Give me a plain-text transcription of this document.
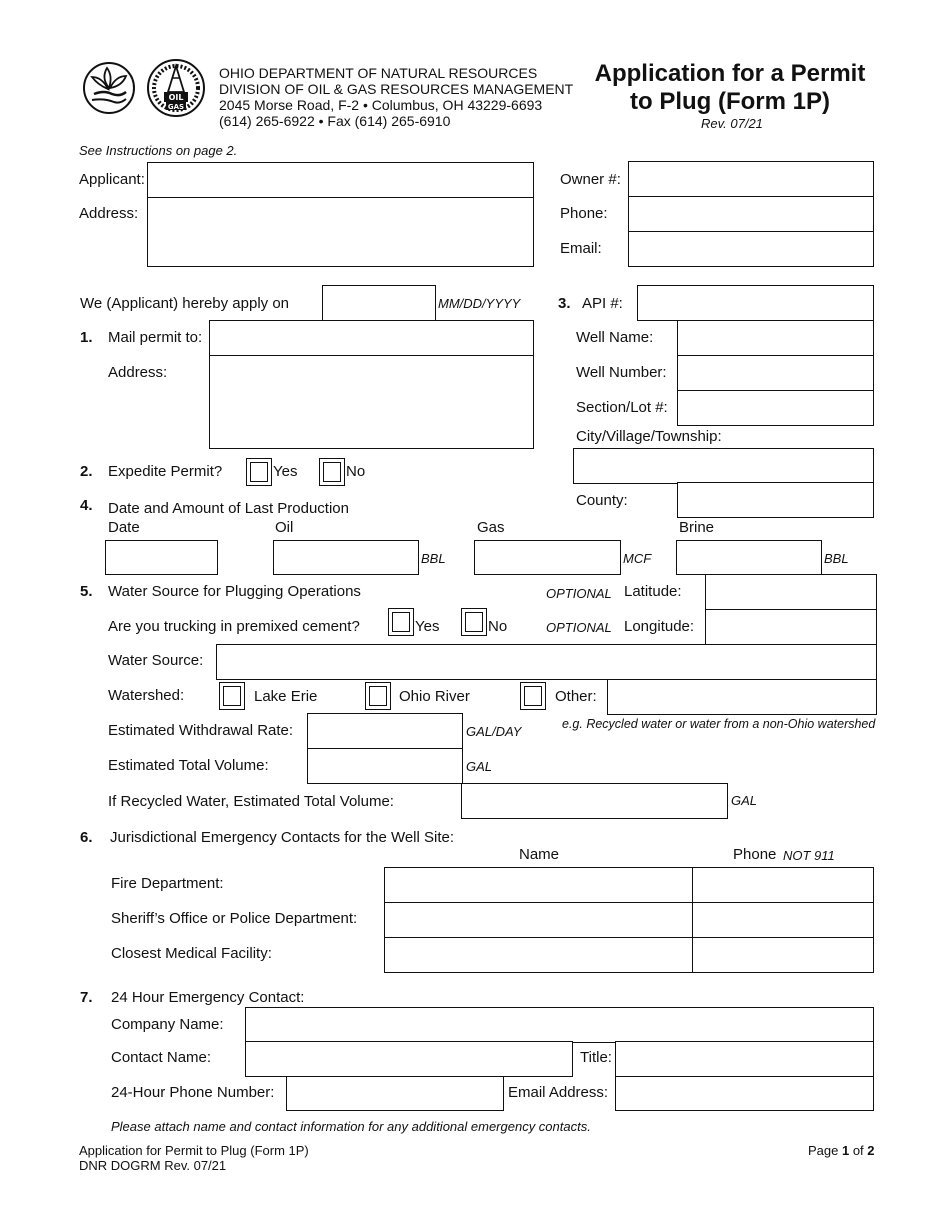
OIL
GAS
OHIO DEPARTMENT OF NATURAL RESOURCES
DIVISION OF OIL & GAS RESOURCES MANAGEMENT
2045 Morse Road, F-2 • Columbus, OH 43229-6693
(614) 265-6922 • Fax (614) 265-6910
Application for a Permit
to Plug (Form 1P)
Rev. 07/21
See Instructions on page 2.
Applicant:
Address:
Owner #:
Phone:
Email:
We (Applicant) hereby apply on	MM/DD/YYYY	3. API #:
Well Name:
Well Number:
Section/Lot #:
City/Village/Township:
County:
1. Mail permit to:
Address:
2. Expedite Permit?	Yes	No
4. Date and Amount of Last Production
Date	Oil	Gas	Brine
BBL	MCF	BBL
5. Water Source for Plugging Operations	OPTIONAL Latitude:
Are you trucking in premixed cement?	Yes	No	OPTIONAL Longitude:
Water Source:
Watershed:	Lake Erie	Ohio River	Other:
e.g. Recycled water or water from a non-Ohio watershed
Estimated Withdrawal Rate:	GAL/DAY
Estimated Total Volume:	GAL
If Recycled Water, Estimated Total Volume:	GAL
6. Jurisdictional Emergency Contacts for the Well Site:
Name	Phone NOT 911
Fire Department:
Sheriff’s Office or Police Department:
Closest Medical Facility:
7. 24 Hour Emergency Contact:
Company Name:
Contact Name:	Title:
24-Hour Phone Number:	Email Address:
Please attach name and contact information for any additional emergency contacts.
Application for Permit to Plug (Form 1P)
DNR DOGRM Rev. 07/21
Page 1 of 2
